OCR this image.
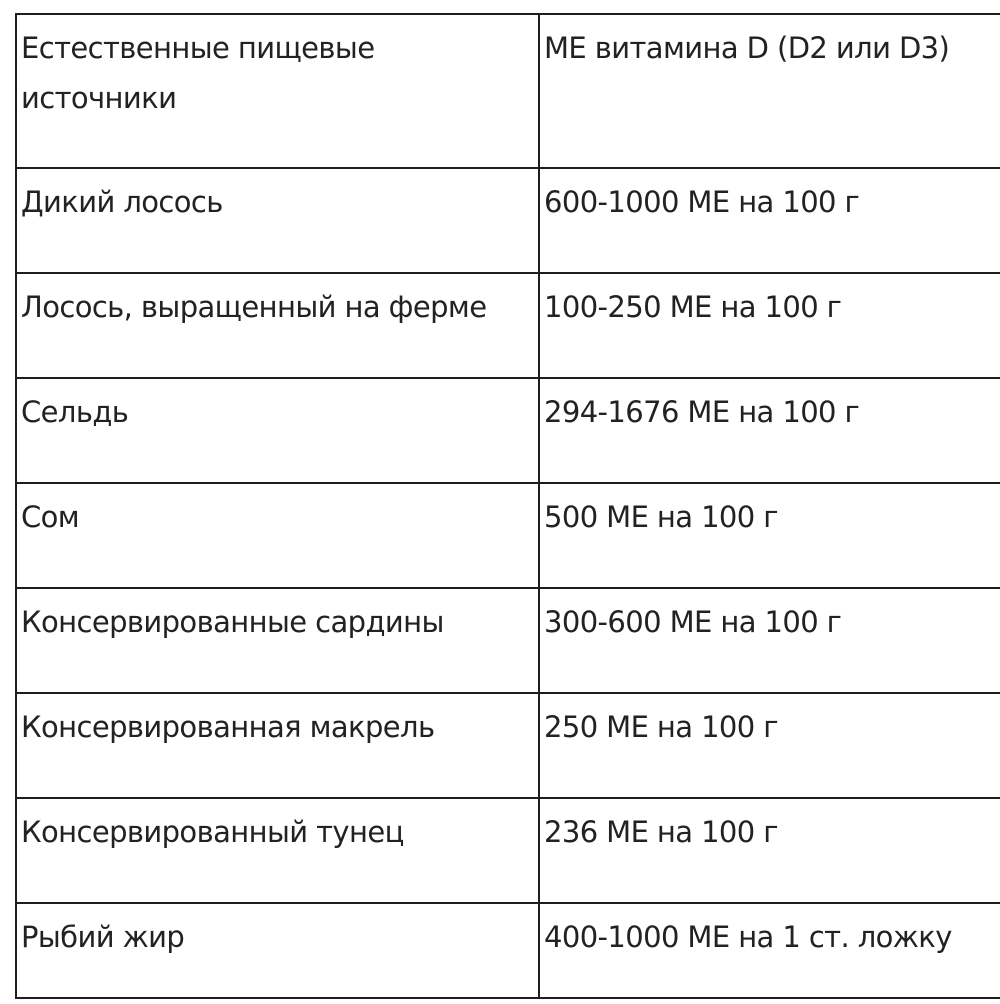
Естественные пищевые источники	МЕ витамина D (D2 или D3)
Дикий лосось	600-1000 МЕ на 100 г
Лосось, выращенный на ферме	100-250 МЕ на 100 г
Сельдь	294-1676 МЕ на 100 г
Сом	500 МЕ на 100 г
Консервированные сардины	300-600 МЕ на 100 г
Консервированная макрель	250 МЕ на 100 г
Консервированный тунец	236 МЕ на 100 г
Рыбий жир	400-1000 МЕ на 1 ст. ложку
